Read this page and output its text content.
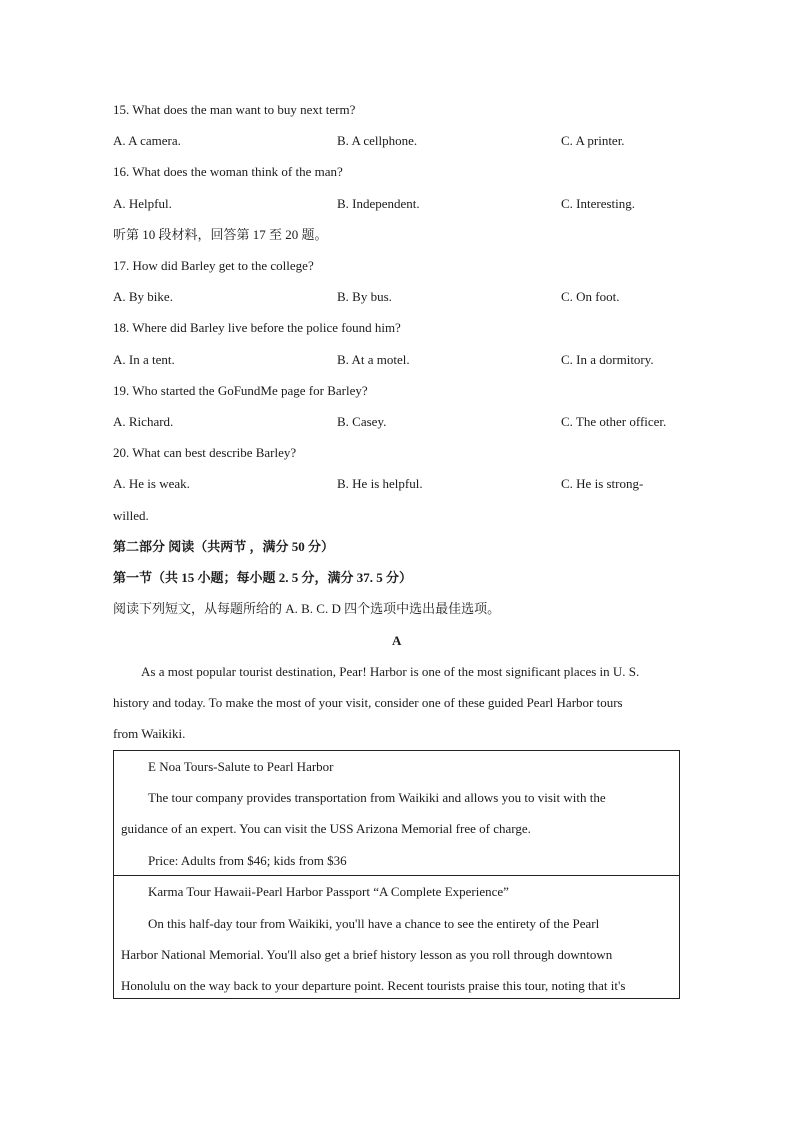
15. What does the man want to buy next term?
A. A camera.	B. A cellphone.	C. A printer.
16. What does the woman think of the man?
A. Helpful.	B. Independent.	C. Interesting.
听第 10 段材料，回答第 17 至 20 题。
17. How did Barley get to the college?
A. By bike.	B. By bus.	C. On foot.
18. Where did Barley live before the police found him?
A. In a tent.	B. At a motel.	C. In a dormitory.
19. Who started the GoFundMe page for Barley?
A. Richard.	B. Casey.	C. The other officer.
20. What can best describe Barley?
A. He is weak.	B. He is helpful.	C. He is strong-
willed.
第二部分 阅读（共两节 ，满分 50 分）
第一节（共 15 小题；每小题 2. 5 分，满分 37. 5 分）
阅读下列短文，从每题所给的 A. B. C. D 四个选项中选出最佳选项。
A
As a most popular tourist destination, Pear! Harbor is one of the most significant places in U. S.
history and today. To make the most of your visit, consider one of these guided Pearl Harbor tours
from Waikiki.
E Noa Tours-Salute to Pearl Harbor
The tour company provides transportation from Waikiki and allows you to visit with the
guidance of an expert. You can visit the USS Arizona Memorial free of charge.
Price: Adults from $46; kids from $36
Karma Tour Hawaii-Pearl Harbor Passport “A Complete Experience”
On this half-day tour from Waikiki, you'll have a chance to see the entirety of the Pearl
Harbor National Memorial. You'll also get a brief history lesson as you roll through downtown
Honolulu on the way back to your departure point. Recent tourists praise this tour, noting that it's
